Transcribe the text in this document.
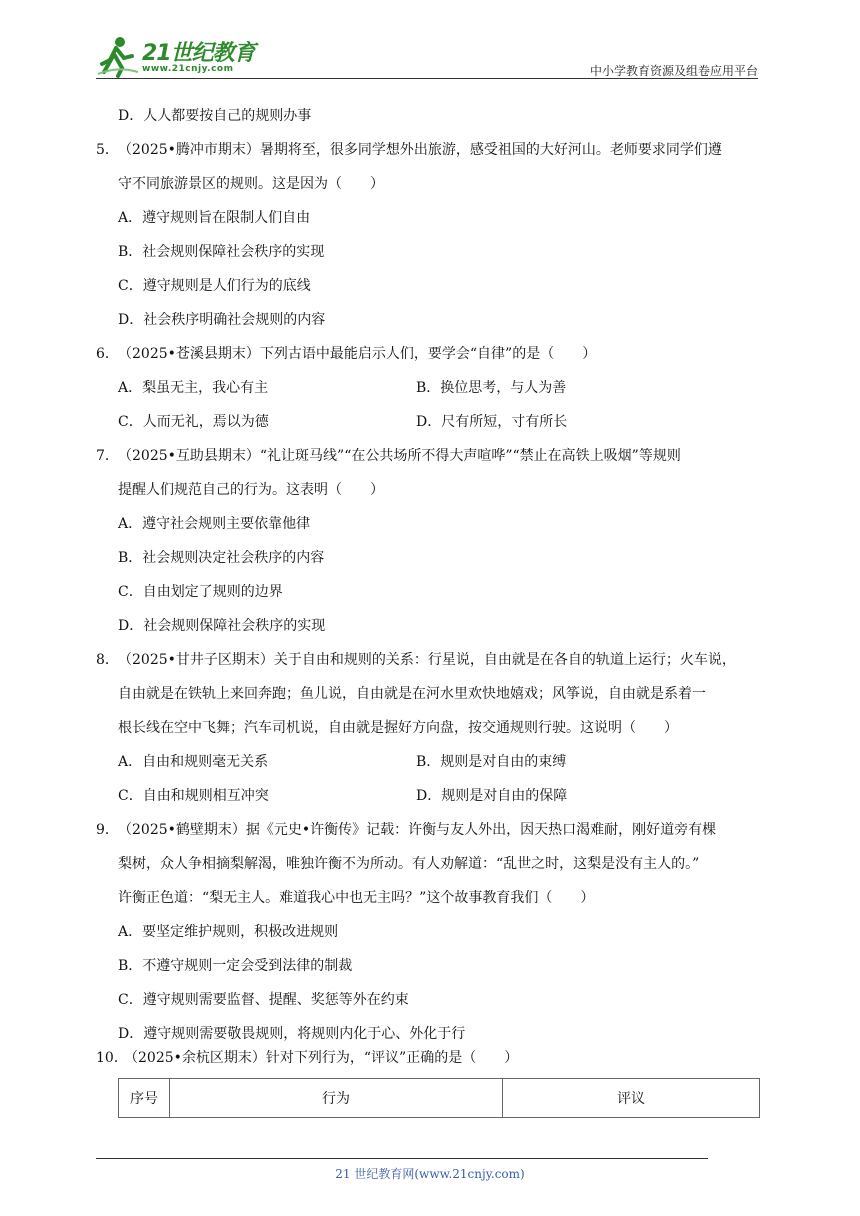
21世纪教育
www.21cnjy.com	中小学教育资源及组卷应用平台
D．人人都要按自己的规则办事
5． （2025•腾冲市期末）暑期将至，很多同学想外出旅游，感受祖国的大好河山。老师要求同学们遵
守不同旅游景区的规则。这是因为（　　）
A．遵守规则旨在限制人们自由
B．社会规则保障社会秩序的实现
C．遵守规则是人们行为的底线
D．社会秩序明确社会规则的内容
6． （2025•苍溪县期末）下列古语中最能启示人们，要学会“自律”的是（　　）
A．梨虽无主，我心有主	B．换位思考，与人为善
C．人而无礼，焉以为德	D．尺有所短，寸有所长
7． （2025•互助县期末）“礼让斑马线”“在公共场所不得大声喧哗”“禁止在高铁上吸烟”等规则
提醒人们规范自己的行为。这表明（　　）
A．遵守社会规则主要依靠他律
B．社会规则决定社会秩序的内容
C．自由划定了规则的边界
D．社会规则保障社会秩序的实现
8． （2025•甘井子区期末）关于自由和规则的关系：行星说，自由就是在各自的轨道上运行；火车说，
自由就是在铁轨上来回奔跑；鱼儿说，自由就是在河水里欢快地嬉戏；风筝说，自由就是系着一
根长线在空中飞舞；汽车司机说，自由就是握好方向盘，按交通规则行驶。这说明（　　）
A．自由和规则毫无关系	B．规则是对自由的束缚
C．自由和规则相互冲突	D．规则是对自由的保障
9． （2025•鹤壁期末）据《元史•许衡传》记载：许衡与友人外出，因天热口渴难耐，刚好道旁有棵
梨树，众人争相摘梨解渴，唯独许衡不为所动。有人劝解道：“乱世之时，这梨是没有主人的。”
许衡正色道：“梨无主人。难道我心中也无主吗？”这个故事教育我们（　　）
A．要坚定维护规则，积极改进规则
B．不遵守规则一定会受到法律的制裁
C．遵守规则需要监督、提醒、奖惩等外在约束
D．遵守规则需要敬畏规则，将规则内化于心、外化于行
10．
（2025•余杭区期末）针对下列行为，“评议”正确的是（　　）
序号	行为	评议
21 世纪教育网(www.21cnjy.com)
